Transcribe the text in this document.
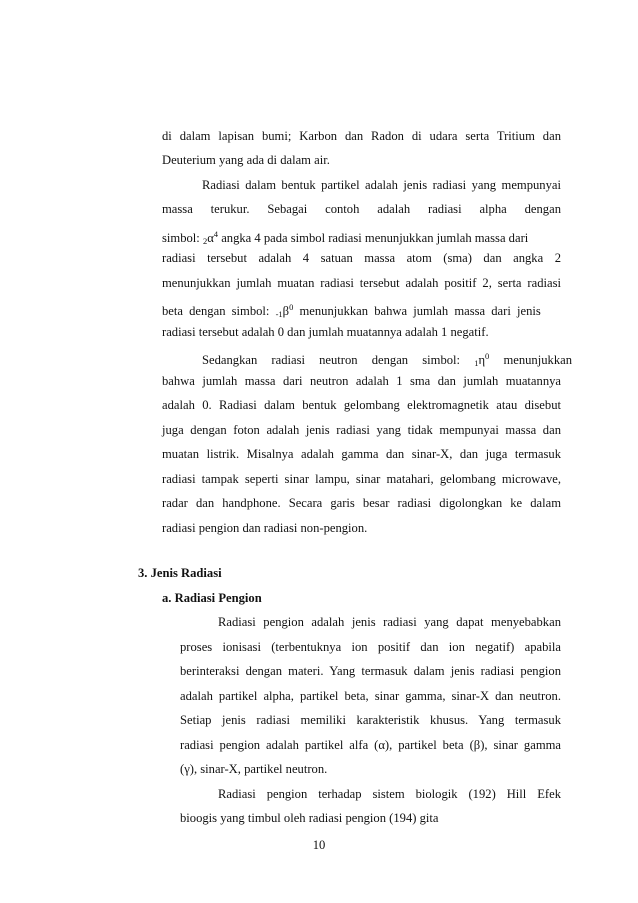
di dalam lapisan bumi; Karbon dan Radon di udara serta Tritium dan
Deuterium yang ada di dalam air.
Radiasi dalam bentuk partikel adalah jenis radiasi yang mempunyai
massa terukur. Sebagai contoh adalah radiasi alpha dengan
simbol: $_2\alpha^4$ angka 4 pada simbol radiasi menunjukkan jumlah massa dari
radiasi tersebut adalah 4 satuan massa atom (sma) dan angka 2
menunjukkan jumlah muatan radiasi tersebut adalah positif 2, serta radiasi
beta dengan simbol: $_{-1}\beta^0$ menunjukkan bahwa jumlah massa dari jenis
radiasi tersebut adalah 0 dan jumlah muatannya adalah 1 negatif.
Sedangkan radiasi neutron dengan simbol: $_1\eta^0$ menunjukkan
bahwa jumlah massa dari neutron adalah 1 sma dan jumlah muatannya
adalah 0. Radiasi dalam bentuk gelombang elektromagnetik atau disebut
juga dengan foton adalah jenis radiasi yang tidak mempunyai massa dan
muatan listrik. Misalnya adalah gamma dan sinar-X, dan juga termasuk
radiasi tampak seperti sinar lampu, sinar matahari, gelombang microwave,
radar dan handphone. Secara garis besar radiasi digolongkan ke dalam
radiasi pengion dan radiasi non-pengion.
3. Jenis Radiasi
a. Radiasi Pengion
Radiasi pengion adalah jenis radiasi yang dapat menyebabkan
proses ionisasi (terbentuknya ion positif dan ion negatif) apabila
berinteraksi dengan materi. Yang termasuk dalam jenis radiasi pengion
adalah partikel alpha, partikel beta, sinar gamma, sinar-X dan neutron.
Setiap jenis radiasi memiliki karakteristik khusus. Yang termasuk
radiasi pengion adalah partikel alfa (α), partikel beta (β), sinar gamma
(γ), sinar-X, partikel neutron.
Radiasi pengion terhadap sistem biologik (192) Hill Efek
bioogis yang timbul oleh radiasi pengion (194) gita
10
